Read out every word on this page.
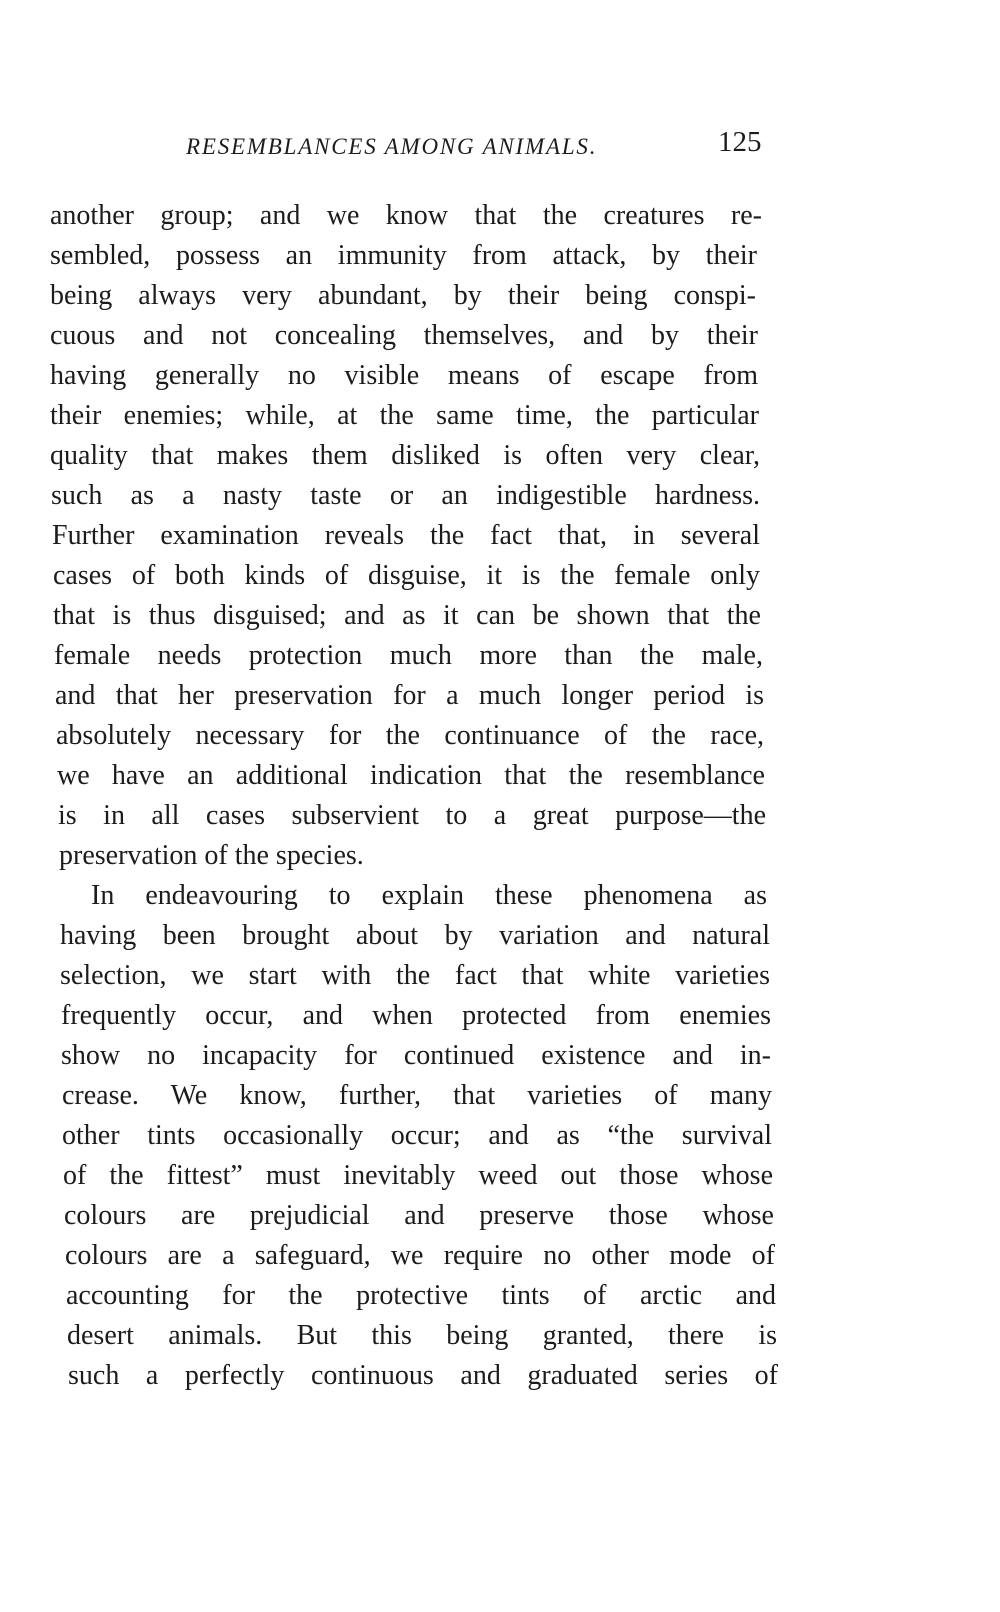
RESEMBLANCES AMONG ANIMALS.	125
another group; and we know that the creatures re-
sembled, possess an immunity from attack, by their
being always very abundant, by their being conspi-
cuous and not concealing themselves, and by their
having generally no visible means of escape from
their enemies; while, at the same time, the particular
quality that makes them disliked is often very clear,
such as a nasty taste or an indigestible hardness.
Further examination reveals the fact that, in several
cases of both kinds of disguise, it is the female only
that is thus disguised; and as it can be shown that the
female needs protection much more than the male,
and that her preservation for a much longer period is
absolutely necessary for the continuance of the race,
we have an additional indication that the resemblance
is in all cases subservient to a great purpose—the
preservation of the species.
In endeavouring to explain these phenomena as
having been brought about by variation and natural
selection, we start with the fact that white varieties
frequently occur, and when protected from enemies
show no incapacity for continued existence and in-
crease. We know, further, that varieties of many
other tints occasionally occur; and as “the survival
of the fittest” must inevitably weed out those whose
colours are prejudicial and preserve those whose
colours are a safeguard, we require no other mode of
accounting for the protective tints of arctic and
desert animals. But this being granted, there is
such a perfectly continuous and graduated series of
